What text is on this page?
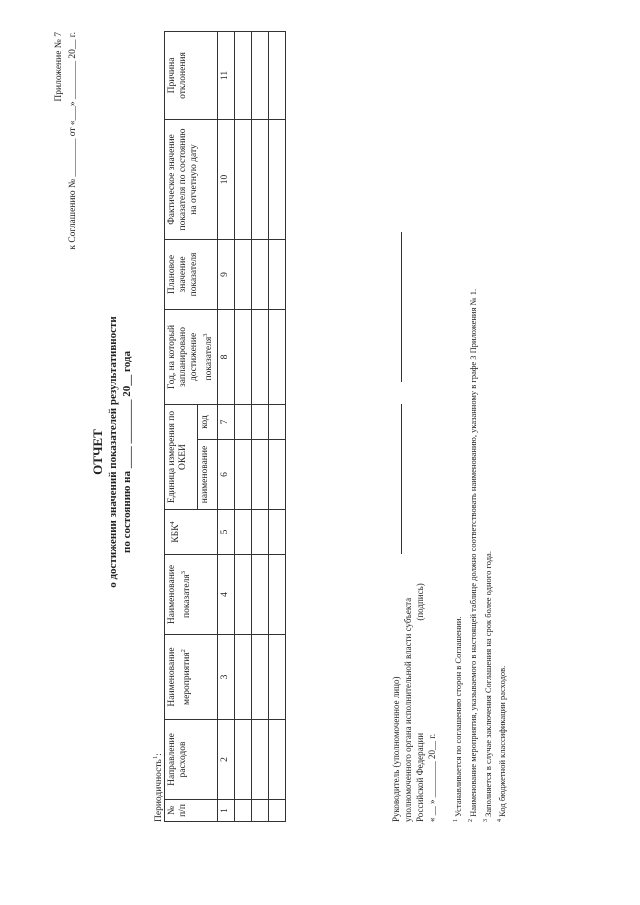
Приложение № 7 к Соглашению № ________ от «___» ________ 20__ г.
ОТЧЕТ о достижении значений показателей результативности по состоянию на ____ ________ 20__ года
Периодичность$^1$:
№ п/п	Направление расходов	Наименование мероприятия$^2$	Наименование показателя$^3$	КБК$^4$	Единица измерения по ОКЕИ		Год, на который запланировано достижение показателя$^3$	Плановое значение показателя	Фактическое значение показателя по состоянию на отчетную дату	Причина отклонения
					наименование	код				
1	2	3	4	5	6	7	8	9	10	11

Руководитель (уполномоченное лицо) уполномоченного органа исполнительной власти субъекта Российской Федерации (подпись)
« __ » ________ 20__ г.	$^1$ Устанавливается по соглашению сторон в Соглашении.
$^2$ Наименование мероприятия, указываемого в настоящей таблице должно соответствовать наименованию, указанному в графе 3 Приложения № 1.
$^3$ Заполняется в случае заключения Соглашения на срок более одного года.
$^4$ Код бюджетной классификации расходов.
